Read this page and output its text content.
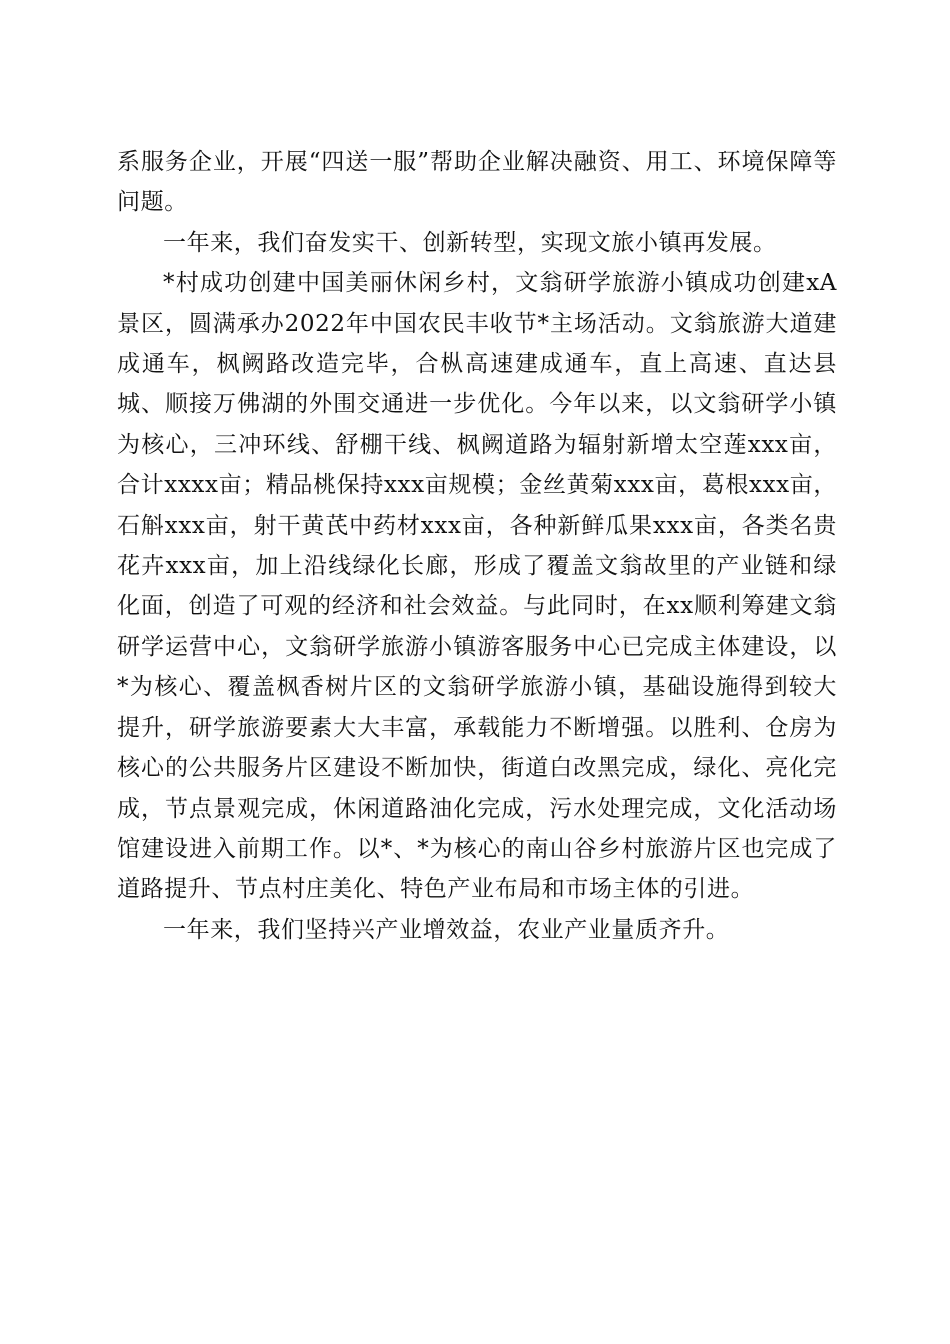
系服务企业，开展“四送一服”帮助企业解决融资、用工、环境保障等问题。

一年来，我们奋发实干、创新转型，实现文旅小镇再发展。

*村成功创建中国美丽休闲乡村，文翁研学旅游小镇成功创建xA景区，圆满承办2022年中国农民丰收节*主场活动。文翁旅游大道建成通车，枫阙路改造完毕，合枞高速建成通车，直上高速、直达县城、顺接万佛湖的外围交通进一步优化。今年以来，以文翁研学小镇为核心，三冲环线、舒棚干线、枫阙道路为辐射新增太空莲xxx亩，合计xxxx亩；精品桃保持xxx亩规模；金丝黄菊xxx亩，葛根xxx亩，石斛xxx亩，射干黄芪中药材xxx亩，各种新鲜瓜果xxx亩，各类名贵花卉xxx亩，加上沿线绿化长廊，形成了覆盖文翁故里的产业链和绿化面，创造了可观的经济和社会效益。与此同时，在xx顺利筹建文翁研学运营中心，文翁研学旅游小镇游客服务中心已完成主体建设，以*为核心、覆盖枫香树片区的文翁研学旅游小镇，基础设施得到较大提升，研学旅游要素大大丰富，承载能力不断增强。以胜利、仓房为核心的公共服务片区建设不断加快，街道白改黑完成，绿化、亮化完成，节点景观完成，休闲道路油化完成，污水处理完成，文化活动场馆建设进入前期工作。以*、*为核心的南山谷乡村旅游片区也完成了道路提升、节点村庄美化、特色产业布局和市场主体的引进。

一年来，我们坚持兴产业增效益，农业产业量质齐升。
